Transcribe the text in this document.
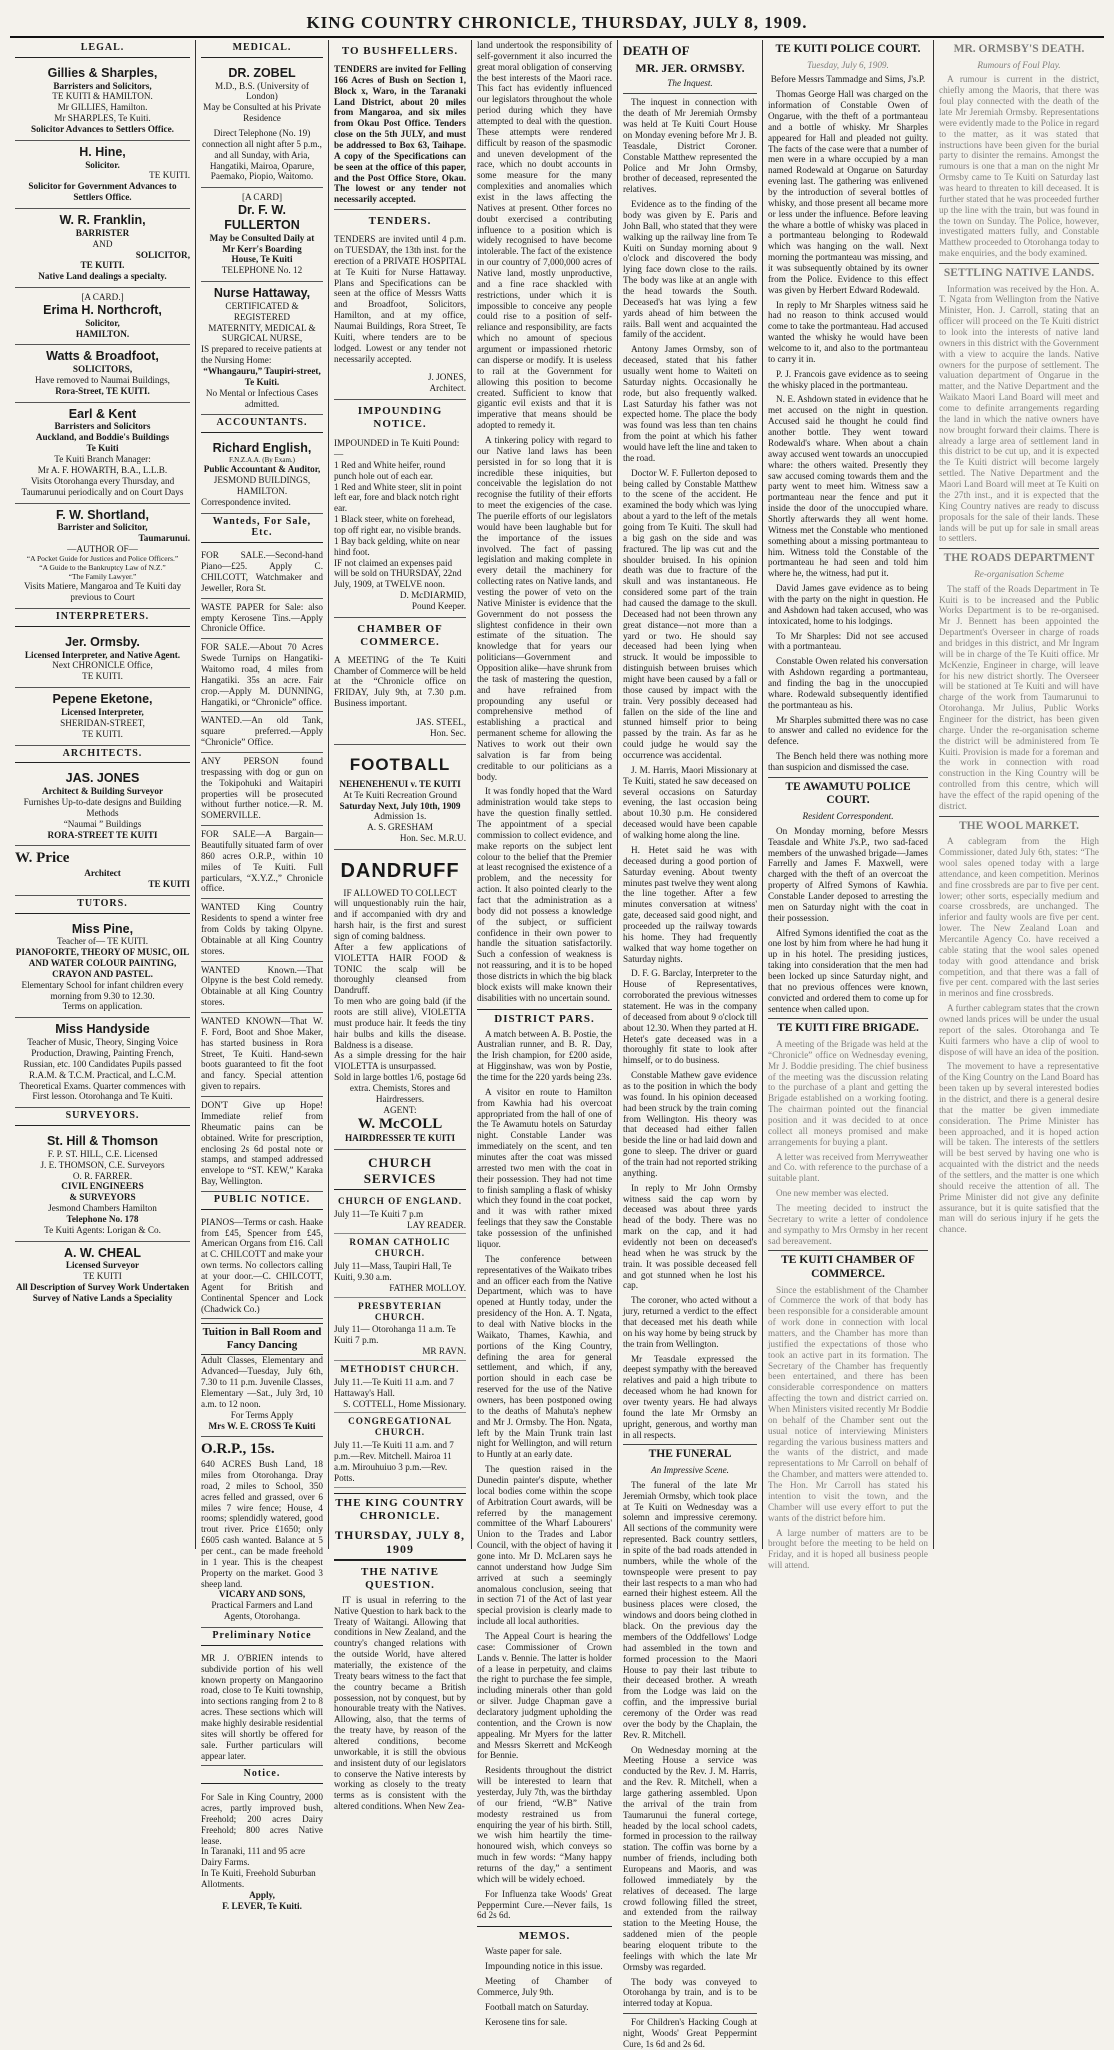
KING COUNTRY CHRONICLE, THURSDAY, JULY 8, 1909.
LEGAL.
Gillies & Sharples,
Barristers and Solicitors,
TE KUITI & HAMILTON.
Mr GILLIES, Hamilton.
Mr SHARPLES, Te Kuiti.
Solicitor Advances to Settlers Office.
H. Hine,
Solicitor.
TE KUITI.
Solicitor for Government Advances to Settlers Office.
W. R. Franklin,
BARRISTER
AND
SOLICITOR,
TE KUITI.
Native Land dealings a specialty.
[A CARD.]
Erima H. Northcroft,
Solicitor,
HAMILTON.
Watts & Broadfoot,
SOLICITORS,
Have removed to Naumai Buildings,
Rora-Street, TE KUITI.
Earl & Kent
Barristers and Solicitors
Auckland, and Boddie's Buildings
Te Kuiti
Te Kuiti Branch Manager:
Mr A. F. HOWARTH, B.A., L.L.B.
Visits Otorohanga every Thursday, and Taumarunui periodically and on Court Days
F. W. Shortland,
Barrister and Solicitor,
Taumarunui.
—AUTHOR OF—
“A Pocket Guide for Justices and Police Officers.”
“A Guide to the Bankruptcy Law of N.Z.”
“The Family Lawyer.”
Visits Matiere, Mangaroa and Te Kuiti day previous to Court
INTERPRETERS.
Jer. Ormsby.
Licensed Interpreter, and Native Agent.
Next CHRONICLE Office,
TE KUITI.
Pepene Eketone,
Licensed Interpreter,
SHERIDAN-STREET,
TE KUITI.
ARCHITECTS.
JAS. JONES
Architect & Building Surveyor
Furnishes Up-to-date designs and Building Methods
“Naumai ” Buildings
RORA-STREET TE KUITI
W. Price
Architect
TE KUITI
TUTORS.
Miss Pine,
Teacher of— TE KUITI.
PIANOFORTE, THEORY OF MUSIC, OIL AND WATER COLOUR PAINTING, CRAYON AND PASTEL.
Elementary School for infant children every morning from 9.30 to 12.30.
Terms on application.
Miss Handyside
Teacher of Music, Theory, Singing Voice Production, Drawing, Painting French, Russian, etc. 100 Candidates Pupils passed R.A.M. & T.C.M. Practical, and L.C.M. Theoretical Exams. Quarter commences with First lesson. Otorohanga and Te Kuiti.
SURVEYORS.
St. Hill & Thomson
F. P. ST. HILL, C.E. Licensed
J. E. THOMSON, C.E. Surveyors
O. R. FARRER.
CIVIL ENGINEERS
& SURVEYORS
Jesmond Chambers Hamilton
Telephone No. 178
Te Kuiti Agents: Lorigan & Co.
A. W. CHEAL
Licensed Surveyor
TE KUITI
All Description of Survey Work Undertaken
Survey of Native Lands a Speciality
MEDICAL.
DR. ZOBEL
M.D., B.S. (University of London)
May be Consulted at his Private Residence
Direct Telephone (No. 19) connection all night after 5 p.m., and all Sunday, with Aria, Hangatiki, Mairoa, Oparure, Paemako, Piopio, Waitomo.
[A CARD]
Dr. F. W. FULLERTON
May be Consulted Daily at
Mr Kerr's Boarding
House, Te Kuiti
TELEPHONE No. 12
Nurse Hattaway,
CERTIFICATED & REGISTERED
MATERNITY, MEDICAL & SURGICAL NURSE,
IS prepared to receive patients at the Nursing Home:
“Whangauru,” Taupiri-street,
Te Kuiti.
No Mental or Infectious Cases admitted.
ACCOUNTANTS.
Richard English,
F.N.Z.A.A. (By Exam.)
Public Accountant & Auditor,
JESMOND BUILDINGS,
HAMILTON.
Correspondence invited.
Wanteds, For Sale, Etc.
FOR SALE.—Second-hand Piano—£25. Apply C. CHILCOTT, Watchmaker and Jeweller, Rora St.
WASTE PAPER for Sale: also empty Kerosene Tins.—Apply Chronicle Office.
FOR SALE.—About 70 Acres Swede Turnips on Hangatiki-Waitomo road, 4 miles from Hangatiki. 35s an acre. Fair crop.—Apply M. DUNNING, Hangatiki, or “Chronicle” office.
WANTED.—An old Tank, square preferred.—Apply “Chronicle” Office.
ANY PERSON found trespassing with dog or gun on the Tokipohuki and Waitapiri properties will be prosecuted without further notice.—R. M. SOMERVILLE.
FOR SALE—A Bargain—Beautifully situated farm of over 860 acres O.R.P., within 10 miles of Te Kuiti. Full particulars, “X.Y.Z.,” Chronicle office.
WANTED King Country Residents to spend a winter free from Colds by taking Olpyne. Obtainable at all King Country stores.
WANTED Known.—That Olpyne is the best Cold remedy. Obtainable at all King Country stores.
WANTED KNOWN—That W. F. Ford, Boot and Shoe Maker, has started business in Rora Street, Te Kuiti. Hand-sewn boots guaranteed to fit the foot and fancy. Special attention given to repairs.
DON'T Give up Hope! Immediate relief from Rheumatic pains can be obtained. Write for prescription, enclosing 2s 6d postal note or stamps, and stamped addressed envelope to “ST. KEW,” Karaka Bay, Wellington.
PUBLIC NOTICE.
PIANOS—Terms or cash. Haake from £45, Spencer from £45, American Organs from £16. Call at C. CHILCOTT and make your own terms. No collectors calling at your door.—C. CHILCOTT, Agent for British and Continental Spencer and Lock (Chadwick Co.)
Tuition in Ball Room and Fancy Dancing
Adult Classes, Elementary and Advanced—Tuesday, July 6th, 7.30 to 11 p.m. Juvenile Classes, Elementary —Sat., July 3rd, 10 a.m. to 12 noon.
For Terms Apply
Mrs W. E. CROSS Te Kuiti
O.R.P., 15s.
640 ACRES Bush Land, 18 miles from Otorohanga. Dray road, 2 miles to School, 350 acres felled and grassed, over 6 miles 7 wire fence; House, 4 rooms; splendidly watered, good trout river. Price £1650; only £605 cash wanted. Balance at 5 per cent., can be made freehold in 1 year. This is the cheapest Property on the market. Good 3 sheep land.
VICARY AND SONS,
Practical Farmers and Land Agents, Otorohanga.
Preliminary Notice
MR J. O'BRIEN intends to subdivide portion of his well known property on Mangaorino road, close to Te Kuiti township, into sections ranging from 2 to 8 acres. These sections which will make highly desirable residential sites will shortly be offered for sale. Further particulars will appear later.
Notice.
For Sale in King Country, 2000 acres, partly improved bush, Freehold; 200 acres Dairy Freehold; 800 acres Native lease.
In Taranaki, 111 and 95 acre Dairy Farms.
In Te Kuiti, Freehold Suburban Allotments.
Apply,
F. LEVER, Te Kuiti.
TO BUSHFELLERS.
TENDERS are invited for Felling 166 Acres of Bush on Section 1, Block x, Waro, in the Taranaki Land District, about 20 miles from Mangaroa, and six miles from Okau Post Office. Tenders close on the 5th JULY, and must be addressed to Box 63, Taihape. A copy of the Specifications can be seen at the office of this paper, and the Post Office Store, Okau. The lowest or any tender not necessarily accepted.
TENDERS.
TENDERS are invited until 4 p.m. on TUESDAY, the 13th inst. for the erection of a PRIVATE HOSPITAL at Te Kuiti for Nurse Hattaway. Plans and Specifications can be seen at the office of Messrs Watts and Broadfoot, Solicitors, Hamilton, and at my office, Naumai Buildings, Rora Street, Te Kuiti, where tenders are to be lodged. Lowest or any tender not necessarily accepted.
J. JONES,
Architect.
IMPOUNDING NOTICE.
IMPOUNDED in Te Kuiti Pound:—
1 Red and White heifer, round punch hole out of each ear.
1 Red and White steer, slit in point left ear, fore and black notch right ear.
1 Black steer, white on forehead, top off right ear, no visible brands.
1 Bay back gelding, white on near hind foot.
IF not claimed an expenses paid will be sold on THURSDAY, 22nd July, 1909, at TWELVE noon.
D. McDIARMID,
Pound Keeper.
CHAMBER OF COMMERCE.
A MEETING of the Te Kuiti Chamber of Commerce will be held at the “Chronicle office on FRIDAY, July 9th, at 7.30 p.m. Business important.
JAS. STEEL,
Hon. Sec.
FOOTBALL
NEHENEHENUI v. TE KUITI
At Te Kuiti Recreation Ground
Saturday Next, July 10th, 1909
Admission 1s.
A. S. GRESHAM
Hon. Sec. M.R.U.
DANDRUFF
IF ALLOWED TO COLLECT
will unquestionably ruin the hair, and if accompanied with dry and harsh hair, is the first and surest sign of coming baldness.
After a few applications of VIOLETTA HAIR FOOD & TONIC the scalp will be thoroughly cleansed from Dandruff.
To men who are going bald (if the roots are still alive), VIOLETTA must produce hair. It feeds the tiny hair bulbs and kills the disease. Baldness is a disease.
As a simple dressing for the hair VIOLETTA is unsurpassed.
Sold in large bottles 1/6, postage 6d extra. Chemists, Stores and Hairdressers.
AGENT:
W. McCOLL
HAIRDRESSER TE KUITI
CHURCH SERVICES
CHURCH OF ENGLAND.
July 11—Te Kuiti 7 p.m
LAY READER.
ROMAN CATHOLIC CHURCH.
July 11—Mass, Taupiri Hall, Te Kuiti, 9.30 a.m.
FATHER MOLLOY.
PRESBYTERIAN CHURCH.
July 11— Otorohanga 11 a.m. Te Kuiti 7 p.m.
MR RAVN.
METHODIST CHURCH.
July 11.—Te Kuiti 11 a.m. and 7 Hattaway's Hall.
S. COTTELL, Home Missionary.
CONGREGATIONAL CHURCH.
July 11.—Te Kuiti 11 a.m. and 7 p.m.—Rev. Mitchell. Mairoa 11 a.m. Mirouhuiuo 3 p.m.—Rev. Potts.
THE KING COUNTRY CHRONICLE.
THURSDAY, JULY 8, 1909
THE NATIVE QUESTION.
IT is usual in referring to the Native Question to hark back to the Treaty of Waitangi. Allowing that conditions in New Zealand, and the country's changed relations with the outside World, have altered materially, the existence of the Treaty bears witness to the fact that the country became a British possession, not by conquest, but by honourable treaty with the Natives. Allowing, also, that the terms of the treaty have, by reason of the altered conditions, become unworkable, it is still the obvious and insistent duty of our legislators to conserve the Native interests by working as closely to the treaty terms as is consistent with the altered conditions. When New Zea-
land undertook the responsibility of self-government it also incurred the great moral obligation of conserving the best interests of the Maori race. This fact has evidently influenced our legislators throughout the whole period during which they have attempted to deal with the question. These attempts were rendered difficult by reason of the spasmodic and uneven development of the race, which no doubt accounts in some measure for the many complexities and anomalies which exist in the laws affecting the Natives at present. Other forces no doubt exercised a contributing influence to a position which is widely recognised to have become intolerable. The fact of the existence in our country of 7,000,000 acres of Native land, mostly unproductive, and a fine race shackled with restrictions, under which it is impossible to conceive any people could rise to a position of self-reliance and responsibility, are facts which no amount of specious argument or impassioned rhetoric can disperse or modify. It is useless to rail at the Government for allowing this position to become created. Sufficient to know that gigantic evil exists and that it is imperative that means should be adopted to remedy it.
A tinkering policy with regard to our Native land laws has been persisted in for so long that it is incredible these iniquities, but conceivable the legislation do not recognise the futility of their efforts to meet the exigencies of the case. The puerile efforts of our legislators would have been laughable but for the importance of the issues involved. The fact of passing legislation and making complete in every detail the machinery for collecting rates on Native lands, and vesting the power of veto on the Native Minister is evidence that the Government do not possess the slightest confidence in their own estimate of the situation. The knowledge that for years our politicians—Government and Opposition alike—have shrunk from the task of mastering the question, and have refrained from propounding any useful or comprehensive method of establishing a practical and permanent scheme for allowing the Natives to work out their own salvation is far from being creditable to our politicians as a body.
It was fondly hoped that the Ward administration would take steps to have the question finally settled. The appointment of a special commission to collect evidence, and make reports on the subject lent colour to the belief that the Premier at least recognised the existence of a problem, and the necessity for action. It also pointed clearly to the fact that the administration as a body did not possess a knowledge of the subject, or sufficient confidence in their own power to handle the situation satisfactorily. Such a confession of weakness is not reassuring, and it is to be hoped those districts in which the big black block exists will make known their disabilities with no uncertain sound.
DISTRICT PARS.
A match between A. B. Postie, the Australian runner, and B. R. Day, the Irish champion, for £200 aside, at Higginshaw, was won by Postie, the time for the 220 yards being 23s.
A visitor en route to Hamilton from Kawhia had his overcoat appropriated from the hall of one of the Te Awamutu hotels on Saturday night. Constable Lander was immediately on the scent, and ten minutes after the coat was missed arrested two men with the coat in their possession. They had not time to finish sampling a flask of whisky which they found in the coat pocket, and it was with rather mixed feelings that they saw the Constable take possession of the unfinished liquor.
The conference between representatives of the Waikato tribes and an officer each from the Native Department, which was to have opened at Huntly today, under the presidency of the Hon. A. T. Ngata, to deal with Native blocks in the Waikato, Thames, Kawhia, and portions of the King Country, defining the area for general settlement, and which, if any, portion should in each case be reserved for the use of the Native owners, has been postponed owing to the deaths of Mahuta's nephew and Mr J. Ormsby. The Hon. Ngata, left by the Main Trunk train last night for Wellington, and will return to Huntly at an early date.
The question raised in the Dunedin painter's dispute, whether local bodies come within the scope of Arbitration Court awards, will be referred by the management committee of the Wharf Labourers' Union to the Trades and Labor Council, with the object of having it gone into. Mr D. McLaren says he cannot understand how Judge Sim arrived at such a seemingly anomalous conclusion, seeing that in section 71 of the Act of last year special provision is clearly made to include all local authorities.
The Appeal Court is hearing the case: Commissioner of Crown Lands v. Bennie. The latter is holder of a lease in perpetuity, and claims the right to purchase the fee simple, including minerals other than gold or silver. Judge Chapman gave a declaratory judgment upholding the contention, and the Crown is now appealing. Mr Myers for the latter and Messrs Skerrett and McKeogh for Bennie.
Residents throughout the district will be interested to learn that yesterday, July 7th, was the birthday of our friend, “W.B” Native modesty restrained us from enquiring the year of his birth. Still, we wish him heartily the time-honoured wish, which conveys so much in few words: “Many happy returns of the day,” a sentiment which will be widely echoed.
For Influenza take Woods' Great Peppermint Cure.—Never fails, 1s 6d 2s 6d.
MEMOS.
Waste paper for sale.
Impounding notice in this issue.
Meeting of Chamber of Commerce, July 9th.
Football match on Saturday.
Kerosene tins for sale.
DEATH OF
MR. JER. ORMSBY.
The Inquest.
The inquest in connection with the death of Mr Jeremiah Ormsby was held at Te Kuiti Court House on Monday evening before Mr J. B. Teasdale, District Coroner. Constable Matthew represented the Police and Mr John Ormsby, brother of deceased, represented the relatives.
Evidence as to the finding of the body was given by E. Paris and John Ball, who stated that they were walking up the railway line from Te Kuiti on Sunday morning about 9 o'clock and discovered the body lying face down close to the rails. The body was like at an angle with the head towards the South. Deceased's hat was lying a few yards ahead of him between the rails. Ball went and acquainted the family of the accident.
Antony James Ormsby, son of deceased, stated that his father usually went home to Waiteti on Saturday nights. Occasionally he rode, but also frequently walked. Last Saturday his father was not expected home. The place the body was found was less than ten chains from the point at which his father would have left the line and taken to the road.
Doctor W. F. Fullerton deposed to being called by Constable Matthew to the scene of the accident. He examined the body which was lying about a yard to the left of the metals going from Te Kuiti. The skull had a big gash on the side and was fractured. The lip was cut and the shoulder bruised. In his opinion death was due to fracture of the skull and was instantaneous. He considered some part of the train had caused the damage to the skull. Deceased had not been thrown any great distance—not more than a yard or two. He should say deceased had been lying when struck. It would be impossible to distinguish between bruises which might have been caused by a fall or those caused by impact with the train. Very possibly deceased had fallen on the side of the line and stunned himself prior to being passed by the train. As far as he could judge he would say the occurrence was accidental.
J. M. Harris, Maori Missionary at Te Kuiti, stated he saw deceased on several occasions on Saturday evening, the last occasion being about 10.30 p.m. He considered deceased would have been capable of walking home along the line.
H. Hetet said he was with deceased during a good portion of Saturday evening. About twenty minutes past twelve they went along the line together. After a few minutes conversation at witness' gate, deceased said good night, and proceeded up the railway towards his home. They had frequently walked that way home together on Saturday nights.
D. F. G. Barclay, Interpreter to the House of Representatives, corroborated the previous witnesses statement. He was in the company of deceased from about 9 o'clock till about 12.30. When they parted at H. Hetet's gate deceased was in a thoroughly fit state to look after himself, or to do business.
Constable Mathew gave evidence as to the position in which the body was found. In his opinion deceased had been struck by the train coming from Wellington. His theory was that deceased had either fallen beside the line or had laid down and gone to sleep. The driver or guard of the train had not reported striking anything.
In reply to Mr John Ormsby witness said the cap worn by deceased was about three yards head of the body. There was no mark on the cap, and it had evidently not been on deceased's head when he was struck by the train. It was possible deceased fell and got stunned when he lost his cap.
The coroner, who acted without a jury, returned a verdict to the effect that deceased met his death while on his way home by being struck by the train from Wellington.
Mr Teasdale expressed the deepest sympathy with the bereaved relatives and paid a high tribute to deceased whom he had known for over twenty years. He had always found the late Mr Ormsby an upright, generous, and worthy man in all respects.
THE FUNERAL
An Impressive Scene.
The funeral of the late Mr Jeremiah Ormsby, which took place at Te Kuiti on Wednesday was a solemn and impressive ceremony. All sections of the community were represented. Back country settlers, in spite of the bad roads attended in numbers, while the whole of the townspeople were present to pay their last respects to a man who had earned their highest esteem. All the business places were closed, the windows and doors being clothed in black. On the previous day the members of the Oddfellows' Lodge had assembled in the town and formed procession to the Maori House to pay their last tribute to their deceased brother. A wreath from the Lodge was laid on the coffin, and the impressive burial ceremony of the Order was read over the body by the Chaplain, the Rev. R. Mitchell.
On Wednesday morning at the Meeting House a service was conducted by the Rev. J. M. Harris, and the Rev. R. Mitchell, when a large gathering assembled. Upon the arrival of the train from Taumarunui the funeral cortege, headed by the local school cadets, formed in procession to the railway station. The coffin was borne by a number of friends, including both Europeans and Maoris, and was followed immediately by the relatives of deceased. The large crowd following filled the street, and extended from the railway station to the Meeting House, the saddened mien of the people bearing eloquent tribute to the feelings with which the late Mr Ormsby was regarded.
The body was conveyed to Otorohanga by train, and is to be interred today at Kopua.
For Children's Hacking Cough at night, Woods' Great Peppermint Cure, 1s 6d and 2s 6d.
TE KUITI POLICE COURT.
Tuesday, July 6, 1909.
Before Messrs Tammadge and Sims, J's.P.
Thomas George Hall was charged on the information of Constable Owen of Ongarue, with the theft of a portmanteau and a bottle of whisky. Mr Sharples appeared for Hall and pleaded not guilty. The facts of the case were that a number of men were in a whare occupied by a man named Rodewald at Ongarue on Saturday evening last. The gathering was enlivened by the introduction of several bottles of whisky, and those present all became more or less under the influence. Before leaving the whare a bottle of whisky was placed in a portmanteau belonging to Rodewald which was hanging on the wall. Next morning the portmanteau was missing, and it was subsequently obtained by its owner from the Police. Evidence to this effect was given by Herbert Edward Rodewald.
In reply to Mr Sharples witness said he had no reason to think accused would come to take the portmanteau. Had accused wanted the whisky he would have been welcome to it, and also to the portmanteau to carry it in.
P. J. Francois gave evidence as to seeing the whisky placed in the portmanteau.
N. E. Ashdown stated in evidence that he met accused on the night in question. Accused said he thought he could find another bottle. They went toward Rodewald's whare. When about a chain away accused went towards an unoccupied whare: the others waited. Presently they saw accused coming towards them and the party went to meet him. Witness saw a portmanteau near the fence and put it inside the door of the unoccupied whare. Shortly afterwards they all went home. Witness met the Constable who mentioned something about a missing portmanteau to him. Witness told the Constable of the portmanteau he had seen and told him where he, the witness, had put it.
David James gave evidence as to being with the party on the night in question. He and Ashdown had taken accused, who was intoxicated, home to his lodgings.
To Mr Sharples: Did not see accused with a portmanteau.
Constable Owen related his conversation with Ashdown regarding a portmanteau, and finding the bag in the unoccupied whare. Rodewald subsequently identified the portmanteau as his.
Mr Sharples submitted there was no case to answer and called no evidence for the defence.
The Bench held there was nothing more than suspicion and dismissed the case.
TE AWAMUTU POLICE COURT.
Resident Correspondent.
On Monday morning, before Messrs Teasdale and White J's.P., two sad-faced members of the unwashed brigade—James Farrelly and James F. Maxwell, were charged with the theft of an overcoat the property of Alfred Symons of Kawhia. Constable Lander deposed to arresting the men on Saturday night with the coat in their possession.
Alfred Symons identified the coat as the one lost by him from where he had hung it up in his hotel. The presiding justices, taking into consideration that the men had been locked up since Saturday night, and that no previous offences were known, convicted and ordered them to come up for sentence when called upon.
TE KUITI FIRE BRIGADE.
A meeting of the Brigade was held at the “Chronicle” office on Wednesday evening, Mr J. Boddie presiding. The chief business of the meeting was the discussion relating to the purchase of a plant and getting the Brigade established on a working footing. The chairman pointed out the financial position and it was decided to at once collect all moneys promised and make arrangements for buying a plant.
A letter was received from Merryweather and Co. with reference to the purchase of a suitable plant.
One new member was elected.
The meeting decided to instruct the Secretary to write a letter of condolence and sympathy to Mrs Ormsby in her recent sad bereavement.
TE KUITI CHAMBER OF COMMERCE.
Since the establishment of the Chamber of Commerce the work of that body has been responsible for a considerable amount of work done in connection with local matters, and the Chamber has more than justified the expectations of those who took an active part in its formation. The Secretary of the Chamber has frequently been entertained, and there has been considerable correspondence on matters affecting the town and district carried on. When Ministers visited recently Mr Boddie on behalf of the Chamber sent out the usual notice of interviewing Ministers regarding the various business matters and the wants of the district, and made representations to Mr Carroll on behalf of the Chamber, and matters were attended to. The Hon. Mr Carroll has stated his intention to visit the town, and the Chamber will use every effort to put the wants of the district before him.
A large number of matters are to be brought before the meeting to be held on Friday, and it is hoped all business people will attend.
MR. ORMSBY'S DEATH.
Rumours of Foul Play.
A rumour is current in the district, chiefly among the Maoris, that there was foul play connected with the death of the late Mr Jeremiah Ormsby. Representations were evidently made to the Police in regard to the matter, as it was stated that instructions have been given for the burial party to disinter the remains. Amongst the rumours is one that a man on the night Mr Ormsby came to Te Kuiti on Saturday last was heard to threaten to kill deceased. It is further stated that he was proceeded further up the line with the train, but was found in the town on Sunday. The Police, however, investigated matters fully, and Constable Matthew proceeded to Otorohanga today to make enquiries, and the body examined.
SETTLING NATIVE LANDS.
Information was received by the Hon. A. T. Ngata from Wellington from the Native Minister, Hon. J. Carroll, stating that an officer will proceed on the Te Kuiti district to look into the interests of native land owners in this district with the Government with a view to acquire the lands. Native owners for the purpose of settlement. The valuation department of Ongarue in the matter, and the Native Department and the Waikato Maori Land Board will meet and come to definite arrangements regarding the land in which the native owners have now brought forward their claims. There is already a large area of settlement land in this district to be cut up, and it is expected the Te Kuiti district will become largely settled. The Native Department and the Maori Land Board will meet at Te Kuiti on the 27th inst., and it is expected that the King Country natives are ready to discuss proposals for the sale of their lands. These lands will be put up for sale in small areas to settlers.
THE ROADS DEPARTMENT
Re-organisation Scheme
The staff of the Roads Department in Te Kuiti is to be increased and the Public Works Department is to be re-organised. Mr J. Bennett has been appointed the Department's Overseer in charge of roads and bridges in this district, and Mr Ingram will be in charge of the Te Kuiti office. Mr McKenzie, Engineer in charge, will leave for his new district shortly. The Overseer will be stationed at Te Kuiti and will have charge of the work from Taumarunui to Otorohanga. Mr Julius, Public Works Engineer for the district, has been given charge. Under the re-organisation scheme the district will be administered from Te Kuiti. Provision is made for a foreman and the work in connection with road construction in the King Country will be controlled from this centre, which will have the effect of the rapid opening of the district.
THE WOOL MARKET.
A cablegram from the High Commissioner, dated July 6th, states: “The wool sales opened today with a large attendance, and keen competition. Merinos and fine crossbreds are par to five per cent. lower; other sorts, especially medium and coarse crossbreds, are unchanged. The inferior and faulty wools are five per cent. lower. The New Zealand Loan and Mercantile Agency Co. have received a cable stating that the wool sales opened today with good attendance and brisk competition, and that there was a fall of five per cent. compared with the last series in merinos and fine crossbreds.
A further cablegram states that the crown owned lands prices will be under the usual report of the sales. Otorohanga and Te Kuiti farmers who have a clip of wool to dispose of will have an idea of the position.
The movement to have a representative of the King Country on the Land Board has been taken up by several interested bodies in the district, and there is a general desire that the matter be given immediate consideration. The Prime Minister has been approached, and it is hoped action will be taken. The interests of the settlers will be best served by having one who is acquainted with the district and the needs of the settlers, and the matter is one which should receive the attention of all. The Prime Minister did not give any definite assurance, but it is quite satisfied that the man will do serious injury if he gets the chance.
